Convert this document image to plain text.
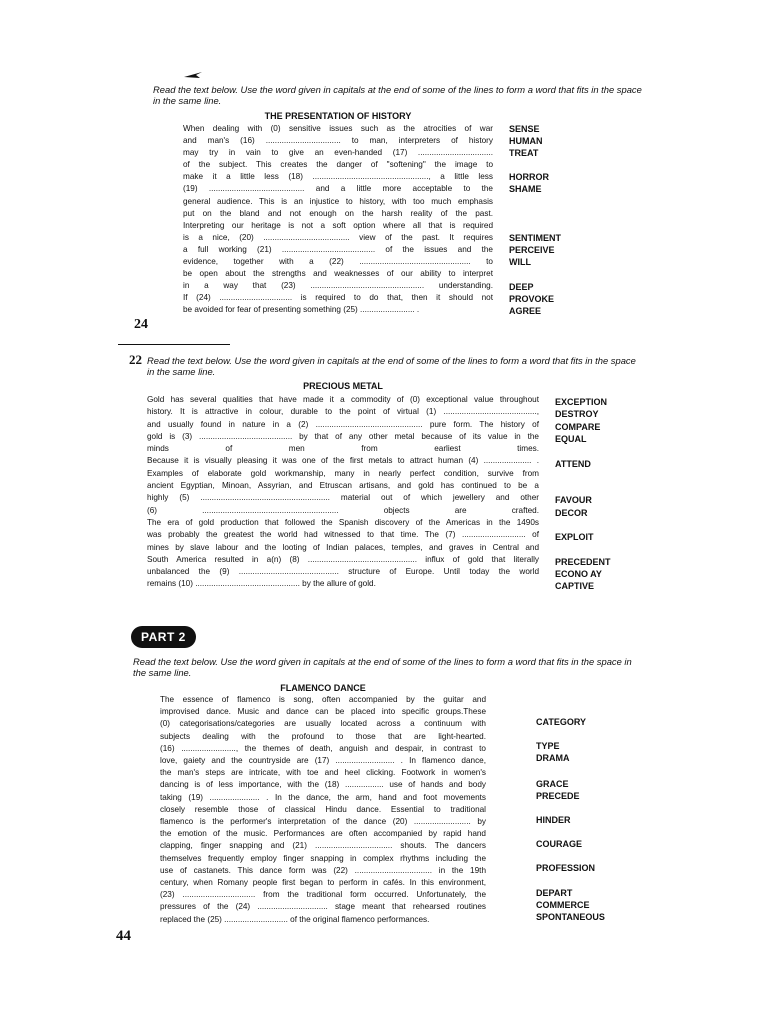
Read the text below. Use the word given in capitals at the end of some of the lines to form a word that fits in the space in the same line.
THE PRESENTATION OF HISTORY
When dealing with (0) sensitive issues such as the atrocities of war
and man's (16) ................................. to man, interpreters of history
may try in vain to give an even-handed (17) .................................
of the subject. This creates the danger of "softening" the image to
make it a little less (18) ..................................................., a little less
(19) .......................................... and a little more acceptable to the
general audience. This is an injustice to history, with too much emphasis
put on the bland and not enough on the harsh reality of the past.
Interpreting our heritage is not a soft option where all that is required
is a nice, (20) ...................................... view of the past. It requires
a full working (21) ......................................... of the issues and the
evidence, together with a (22) ................................................. to
be open about the strengths and weaknesses of our ability to interpret
in a way that (23) .................................................. understanding.
If (24) ................................ is required to do that, then it should not
be avoided for fear of presenting something (25) ........................ .
SENSE
HUMAN
TREAT
HORROR
SHAME
SENTIMENT
PERCEIVE
WILL
DEEP
PROVOKE
AGREE
24
22 Read the text below. Use the word given in capitals at the end of some of the lines to form a word that fits in the space in the same line.
PRECIOUS METAL
Gold has several qualities that have made it a commodity of (0) exceptional value throughout
history. It is attractive in colour, durable to the point of virtual (1) .........................................,
and usually found in nature in a (2) ............................................... pure form. The history of
gold is (3) ......................................... by that of any other metal because of its value in the
minds of men from earliest times.
Because it is visually pleasing it was one of the first metals to attract human (4) ..................... .
Examples of elaborate gold workmanship, many in nearly perfect condition, survive from
ancient Egyptian, Minoan, Assyrian, and Etruscan artisans, and gold has continued to be a
highly (5) ......................................................... material out of which jewellery and other
(6) ............................................................ objects are crafted.
The era of gold production that followed the Spanish discovery of the Americas in the 1490s
was probably the greatest the world had witnessed to that time. The (7) ............................ of
mines by slave labour and the looting of Indian palaces, temples, and graves in Central and
South America resulted in a(n) (8) ................................................ influx of gold that literally
unbalanced the (9) ............................................ structure of Europe. Until today the world
remains (10) .............................................. by the allure of gold.
EXCEPTION
DESTROY
COMPARE
EQUAL
ATTEND
FAVOUR
DECOR
EXPLOIT
PRECEDENT
ECONO AY
CAPTIVE
PART 2
Read the text below. Use the word given in capitals at the end of some of the lines to form a word that fits in the space in the same line.
FLAMENCO DANCE
The essence of flamenco is song, often accompanied by the guitar and
improvised dance. Music and dance can be placed into specific groups.These
(0) categorisations/categories are usually located across a continuum with
subjects dealing with the profound to those that are light-hearted.
(16) ........................, the themes of death, anguish and despair, in contrast to
love, gaiety and the countryside are (17) .......................... . In flamenco dance,
the man's steps are intricate, with toe and heel clicking. Footwork in women's
dancing is of less importance, with the (18) ................. use of hands and body
taking (19) ...................... . In the dance, the arm, hand and foot movements
closely resemble those of classical Hindu dance. Essential to traditional
flamenco is the performer's interpretation of the dance (20) ......................... by
the emotion of the music. Performances are often accompanied by rapid hand
clapping, finger snapping and (21) .................................. shouts. The dancers
themselves frequently employ finger snapping in complex rhythms including the
use of castanets. This dance form was (22) .................................. in the 19th
century, when Romany people first began to perform in cafés. In this environment,
(23) ................................ from the traditional form occurred. Unfortunately, the
pressures of the (24) ............................... stage meant that rehearsed routines
replaced the (25) ............................ of the original flamenco performances.
CATEGORY
TYPE
DRAMA
GRACE
PRECEDE
HINDER
COURAGE
PROFESSION
DEPART
COMMERCE
SPONTANEOUS
44
